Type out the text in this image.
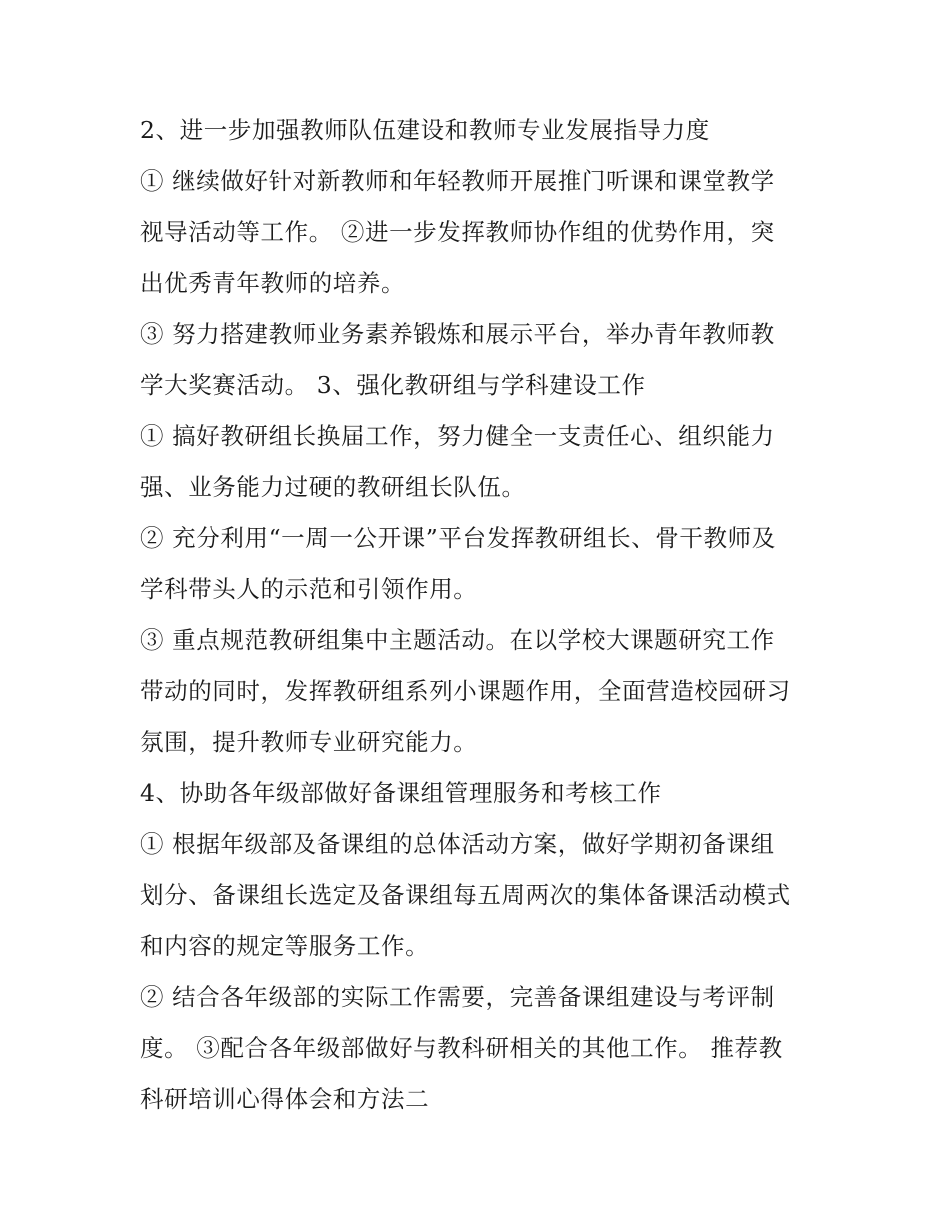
2、进一步加强教师队伍建设和教师专业发展指导力度
① 继续做好针对新教师和年轻教师开展推门听课和课堂教学
视导活动等工作。 ②进一步发挥教师协作组的优势作用，突
出优秀青年教师的培养。
③ 努力搭建教师业务素养锻炼和展示平台，举办青年教师教
学大奖赛活动。 3、强化教研组与学科建设工作
① 搞好教研组长换届工作，努力健全一支责任心、组织能力
强、业务能力过硬的教研组长队伍。
② 充分利用“一周一公开课”平台发挥教研组长、骨干教师及
学科带头人的示范和引领作用。
③ 重点规范教研组集中主题活动。在以学校大课题研究工作
带动的同时，发挥教研组系列小课题作用，全面营造校园研习
氛围，提升教师专业研究能力。
4、协助各年级部做好备课组管理服务和考核工作
① 根据年级部及备课组的总体活动方案，做好学期初备课组
划分、备课组长选定及备课组每五周两次的集体备课活动模式
和内容的规定等服务工作。
② 结合各年级部的实际工作需要，完善备课组建设与考评制
度。 ③配合各年级部做好与教科研相关的其他工作。 推荐教
科研培训心得体会和方法二
